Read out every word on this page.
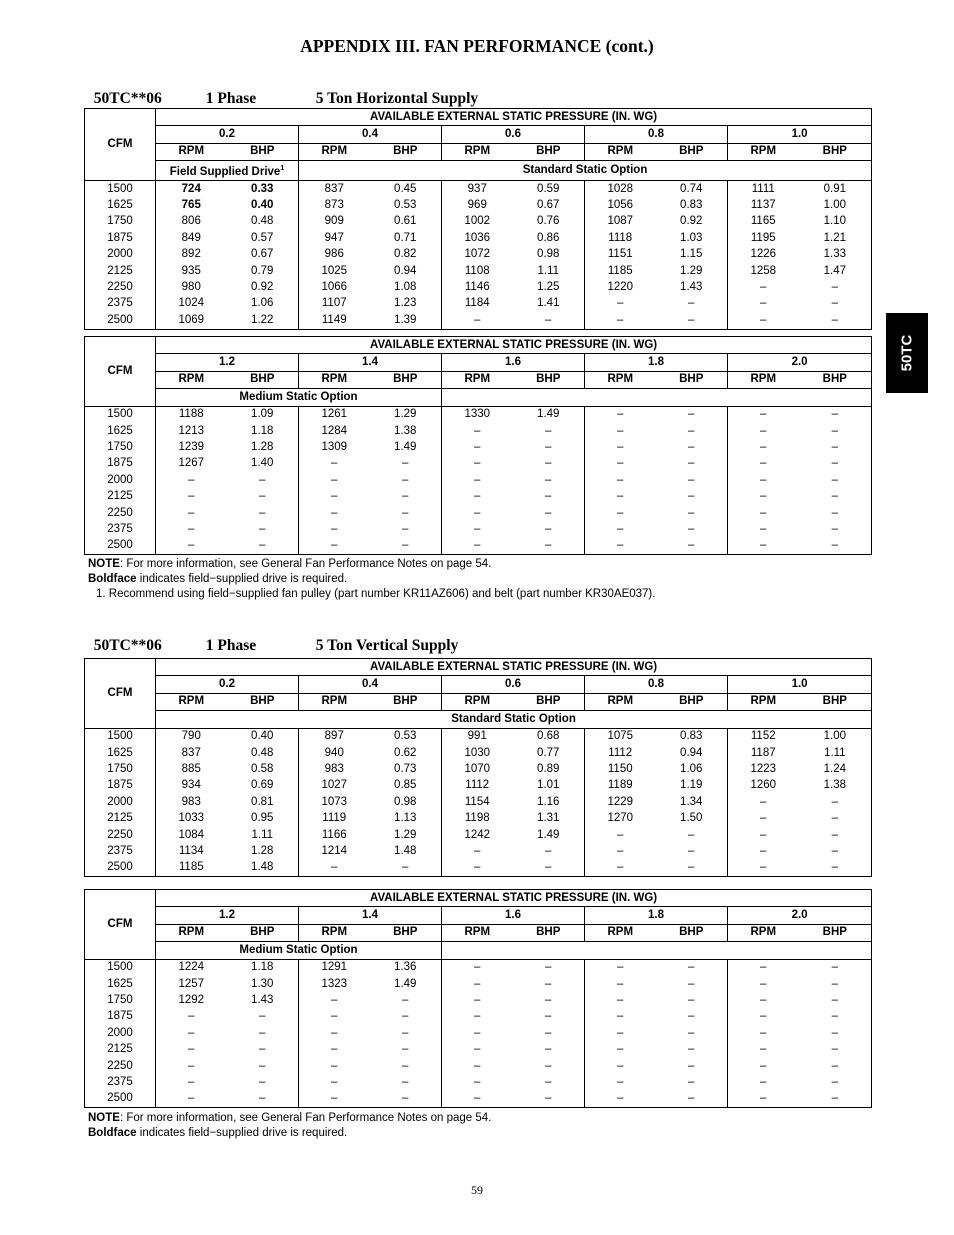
APPENDIX III. FAN PERFORMANCE (cont.)

50TC**06	1 Phase	5 Ton Horizontal Supply

CFM	AVAILABLE EXTERNAL STATIC PRESSURE (IN. WG)									
	0.2		0.4		0.6		0.8		1.0	
	RPM	BHP	RPM	BHP	RPM	BHP	RPM	BHP	RPM	BHP
	Field Supplied Drive$^1$		Standard Static Option							
1500	724	0.33	837	0.45	937	0.59	1028	0.74	1111	0.91
1625	765	0.40	873	0.53	969	0.67	1056	0.83	1137	1.00
1750	806	0.48	909	0.61	1002	0.76	1087	0.92	1165	1.10
1875	849	0.57	947	0.71	1036	0.86	1118	1.03	1195	1.21
2000	892	0.67	986	0.82	1072	0.98	1151	1.15	1226	1.33
2125	935	0.79	1025	0.94	1108	1.11	1185	1.29	1258	1.47
2250	980	0.92	1066	1.08	1146	1.25	1220	1.43	–	–
2375	1024	1.06	1107	1.23	1184	1.41	–	–	–	–
2500	1069	1.22	1149	1.39	–	–	–	–	–	–
CFM	AVAILABLE EXTERNAL STATIC PRESSURE (IN. WG)									
	1.2		1.4		1.6		1.8		2.0	
	RPM	BHP	RPM	BHP	RPM	BHP	RPM	BHP	RPM	BHP
	Medium Static Option									
1500	1188	1.09	1261	1.29	1330	1.49	–	–	–	–
1625	1213	1.18	1284	1.38	–	–	–	–	–	–
1750	1239	1.28	1309	1.49	–	–	–	–	–	–
1875	1267	1.40	–	–	–	–	–	–	–	–
2000	–	–	–	–	–	–	–	–	–	–
2125	–	–	–	–	–	–	–	–	–	–
2250	–	–	–	–	–	–	–	–	–	–
2375	–	–	–	–	–	–	–	–	–	–
2500	–	–	–	–	–	–	–	–	–	–
NOTE: For more information, see General Fan Performance Notes on page 54.
Boldface indicates field−supplied drive is required.
1. Recommend using field−supplied fan pulley (part number KR11AZ606) and belt (part number KR30AE037).

50TC**06	1 Phase	5 Ton Vertical Supply

CFM	AVAILABLE EXTERNAL STATIC PRESSURE (IN. WG)									
	0.2		0.4		0.6		0.8		1.0	
	RPM	BHP	RPM	BHP	RPM	BHP	RPM	BHP	RPM	BHP
	Standard Static Option									
1500	790	0.40	897	0.53	991	0.68	1075	0.83	1152	1.00
1625	837	0.48	940	0.62	1030	0.77	1112	0.94	1187	1.11
1750	885	0.58	983	0.73	1070	0.89	1150	1.06	1223	1.24
1875	934	0.69	1027	0.85	1112	1.01	1189	1.19	1260	1.38
2000	983	0.81	1073	0.98	1154	1.16	1229	1.34	–	–
2125	1033	0.95	1119	1.13	1198	1.31	1270	1.50	–	–
2250	1084	1.11	1166	1.29	1242	1.49	–	–	–	–
2375	1134	1.28	1214	1.48	–	–	–	–	–	–
2500	1185	1.48	–	–	–	–	–	–	–	–
CFM	AVAILABLE EXTERNAL STATIC PRESSURE (IN. WG)									
	1.2		1.4		1.6		1.8		2.0	
	RPM	BHP	RPM	BHP	RPM	BHP	RPM	BHP	RPM	BHP
	Medium Static Option									
1500	1224	1.18	1291	1.36	–	–	–	–	–	–
1625	1257	1.30	1323	1.49	–	–	–	–	–	–
1750	1292	1.43	–	–	–	–	–	–	–	–
1875	–	–	–	–	–	–	–	–	–	–
2000	–	–	–	–	–	–	–	–	–	–
2125	–	–	–	–	–	–	–	–	–	–
2250	–	–	–	–	–	–	–	–	–	–
2375	–	–	–	–	–	–	–	–	–	–
2500	–	–	–	–	–	–	–	–	–	–
NOTE: For more information, see General Fan Performance Notes on page 54.
Boldface indicates field−supplied drive is required.
50TC
59
